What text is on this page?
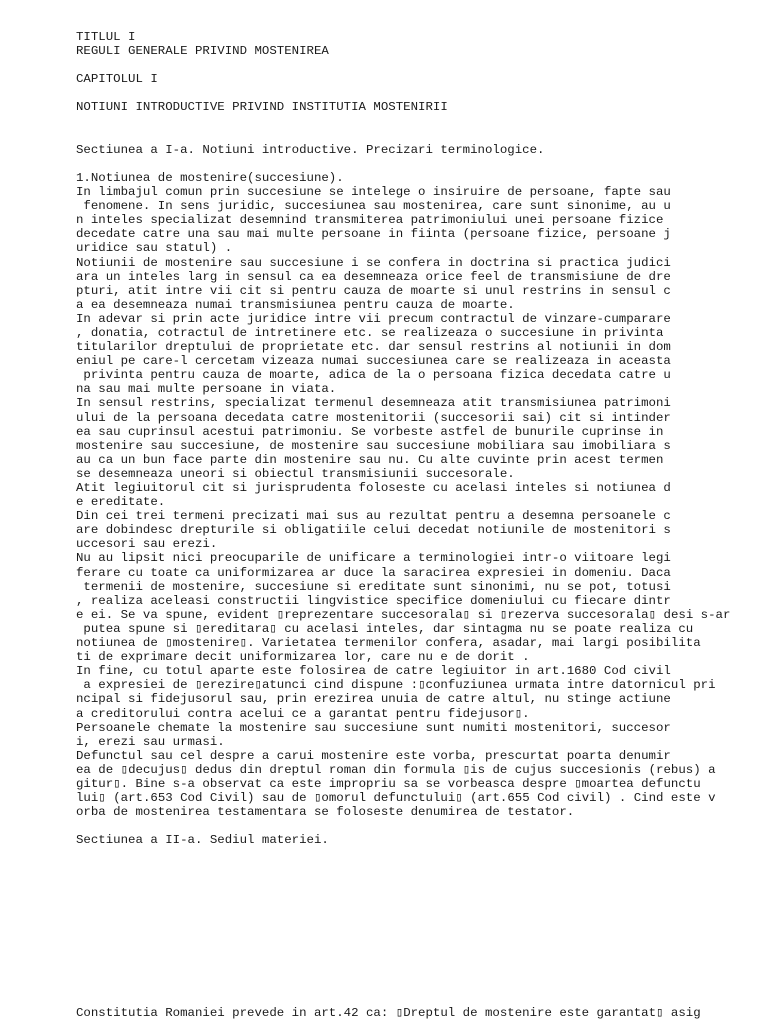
TITLUL I
REGULI GENERALE PRIVIND MOSTENIREA
CAPITOLUL I
NOTIUNI INTRODUCTIVE PRIVIND INSTITUTIA MOSTENIRII
Sectiunea a I-a. Notiuni introductive. Precizari terminologice.
1.Notiunea de mostenire(succesiune).
In limbajul comun prin succesiune se intelege o insiruire de persoane, fapte sau
fenomene. In sens juridic, succesiunea sau mostenirea, care sunt sinonime, au u
n inteles specializat desemnind transmiterea patrimoniului unei persoane fizice
decedate catre una sau mai multe persoane in fiinta (persoane fizice, persoane j
uridice sau statul) .
Notiunii de mostenire sau succesiune i se confera in doctrina si practica judici
ara un inteles larg in sensul ca ea desemneaza orice feel de transmisiune de dre
pturi, atit intre vii cit si pentru cauza de moarte si unul restrins in sensul c
a ea desemneaza numai transmisiunea pentru cauza de moarte.
In adevar si prin acte juridice intre vii precum contractul de vinzare-cumparare
, donatia, cotractul de intretinere etc. se realizeaza o succesiune in privinta
titularilor dreptului de proprietate etc. dar sensul restrins al notiunii in dom
eniul pe care-l cercetam vizeaza numai succesiunea care se realizeaza in aceasta
privinta pentru cauza de moarte, adica de la o persoana fizica decedata catre u
na sau mai multe persoane in viata.
In sensul restrins, specializat termenul desemneaza atit transmisiunea patrimoni
ului de la persoana decedata catre mostenitorii (succesorii sai) cit si intinder
ea sau cuprinsul acestui patrimoniu. Se vorbeste astfel de bunurile cuprinse in
mostenire sau succesiune, de mostenire sau succesiune mobiliara sau imobiliara s
au ca un bun face parte din mostenire sau nu. Cu alte cuvinte prin acest termen
se desemneaza uneori si obiectul transmisiunii succesorale.
Atit legiuitorul cit si jurisprudenta foloseste cu acelasi inteles si notiunea d
e ereditate.
Din cei trei termeni precizati mai sus au rezultat pentru a desemna persoanele c
are dobindesc drepturile si obligatiile celui decedat notiunile de mostenitori s
uccesori sau erezi.
Nu au lipsit nici preocuparile de unificare a terminologiei intr-o viitoare legi
ferare cu toate ca uniformizarea ar duce la saracirea expresiei in domeniu. Daca
termenii de mostenire, succesiune si ereditate sunt sinonimi, nu se pot, totusi
, realiza aceleasi constructii lingvistice specifice domeniului cu fiecare dintr
e ei. Se va spune, evident ▯​reprezentare succesorala▯ si ▯rezerva succesorala▯ desi s-ar
putea spune si ▯ereditara▯ cu acelasi inteles, dar sintagma nu se poate realiza cu
notiunea de ▯mostenire▯. Varietatea termenilor confera, asadar, mai largi posibilita
ti de exprimare decit uniformizarea lor, care nu e de dorit .
In fine, cu totul aparte este folosirea de catre legiuitor in art.1680 Cod civil
a expresiei de ▯erezire▯atunci cind dispune :▯confuziunea urmata intre datornicul pri
ncipal si fidejusorul sau, prin erezirea unuia de catre altul, nu stinge actiune
a creditorului contra acelui ce a garantat pentru fidejusor▯.
Persoanele chemate la mostenire sau succesiune sunt numiti mostenitori, succesor
i, erezi sau urmasi.
Defunctul sau cel despre a carui mostenire este vorba, prescurtat poarta denumir
ea de ▯decujus▯ dedus din dreptul roman din formula ▯is de cujus succesionis (rebus) a
gitur▯. Bine s-a observat ca este impropriu sa se vorbeasca despre ▯moartea defunctu
lui▯ (art.653 Cod Civil) sau de ▯omorul defunctului▯ (art.655 Cod civil) . Cind este v
orba de mostenirea testamentara se foloseste denumirea de testator.
Sectiunea a II-a. Sediul materiei.
Constitutia Romaniei prevede in art.42 ca: ▯Dreptul de mostenire este garantat▯ asig
